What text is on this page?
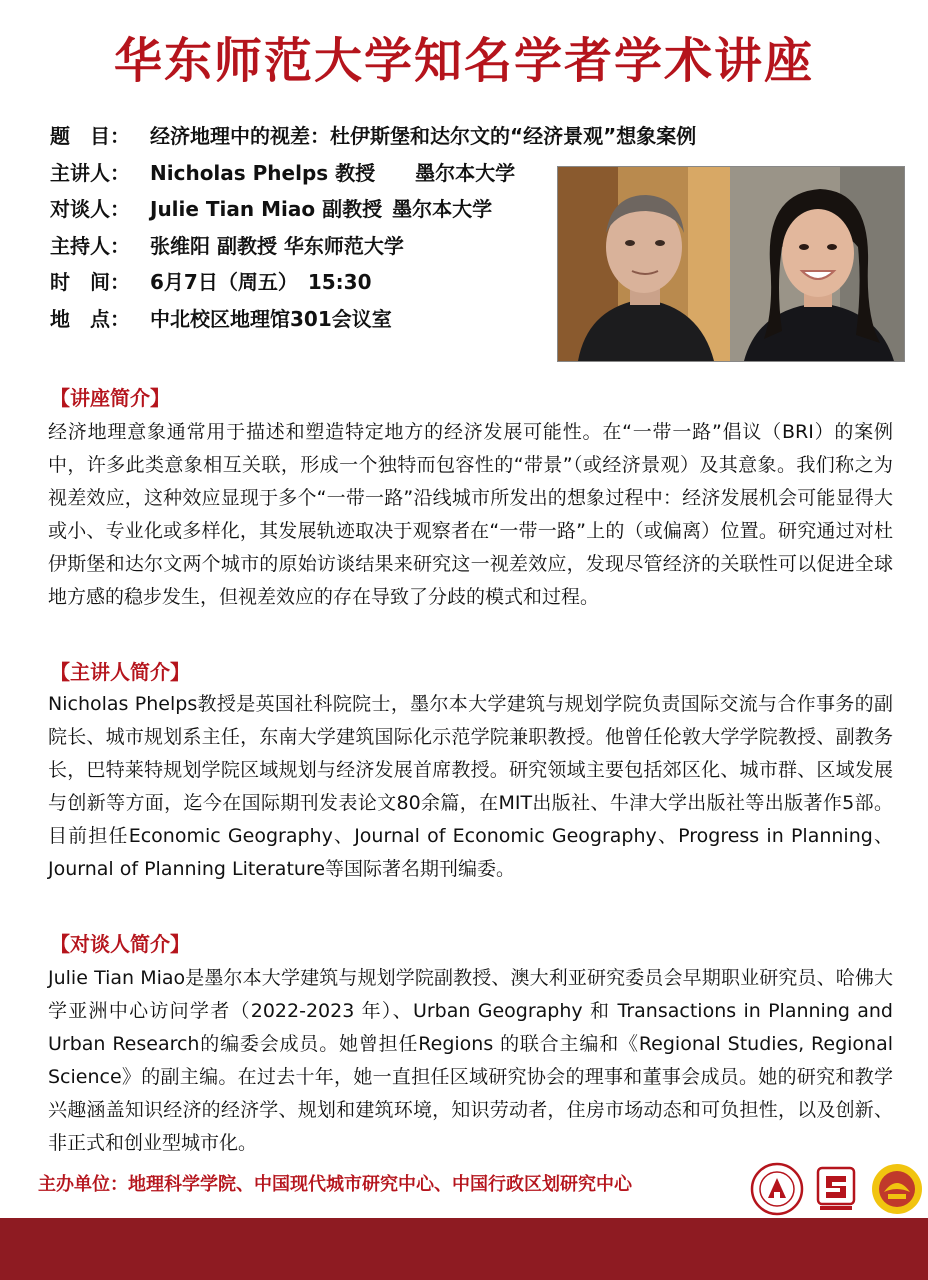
华东师范大学知名学者学术讲座
题　目： 经济地理中的视差：杜伊斯堡和达尔文的“经济景观”想象案例
主讲人： Nicholas Phelps 教授　　墨尔本大学
对谈人： Julie Tian Miao 副教授 墨尔本大学
主持人： 张维阳 副教授 华东师范大学
时　间： 6月7日（周五） 15:30
地　点： 中北校区地理馆301会议室
【讲座简介】

经济地理意象通常用于描述和塑造特定地方的经济发展可能性。在“一带一路”倡议（BRI）的案例中，许多此类意象相互关联，形成一个独特而包容性的“带景”（或经济景观）及其意象。我们称之为视差效应，这种效应显现于多个“一带一路”沿线城市所发出的想象过程中：经济发展机会可能显得大或小、专业化或多样化，其发展轨迹取决于观察者在“一带一路”上的（或偏离）位置。研究通过对杜伊斯堡和达尔文两个城市的原始访谈结果来研究这一视差效应，发现尽管经济的关联性可以促进全球地方感的稳步发生，但视差效应的存在导致了分歧的模式和过程。

【主讲人简介】

Nicholas Phelps教授是英国社科院院士，墨尔本大学建筑与规划学院负责国际交流与合作事务的副院长、城市规划系主任，东南大学建筑国际化示范学院兼职教授。他曾任伦敦大学学院教授、副教务长，巴特莱特规划学院区域规划与经济发展首席教授。研究领域主要包括郊区化、城市群、区域发展与创新等方面，迄今在国际期刊发表论文80余篇，在MIT出版社、牛津大学出版社等出版著作5部。目前担任Economic Geography、Journal of Economic Geography、Progress in Planning、Journal of Planning Literature等国际著名期刊编委。

【对谈人简介】

Julie Tian Miao是墨尔本大学建筑与规划学院副教授、澳大利亚研究委员会早期职业研究员、哈佛大学亚洲中心访问学者（2022-2023 年）、Urban Geography 和 Transactions in Planning and Urban Research的编委会成员。她曾担任Regions 的联合主编和《Regional Studies, Regional Science》的副主编。在过去十年，她一直担任区域研究协会的理事和董事会成员。她的研究和教学兴趣涵盖知识经济的经济学、规划和建筑环境，知识劳动者，住房市场动态和可负担性，以及创新、非正式和创业型城市化。

主办单位：地理科学学院、中国现代城市研究中心、中国行政区划研究中心
